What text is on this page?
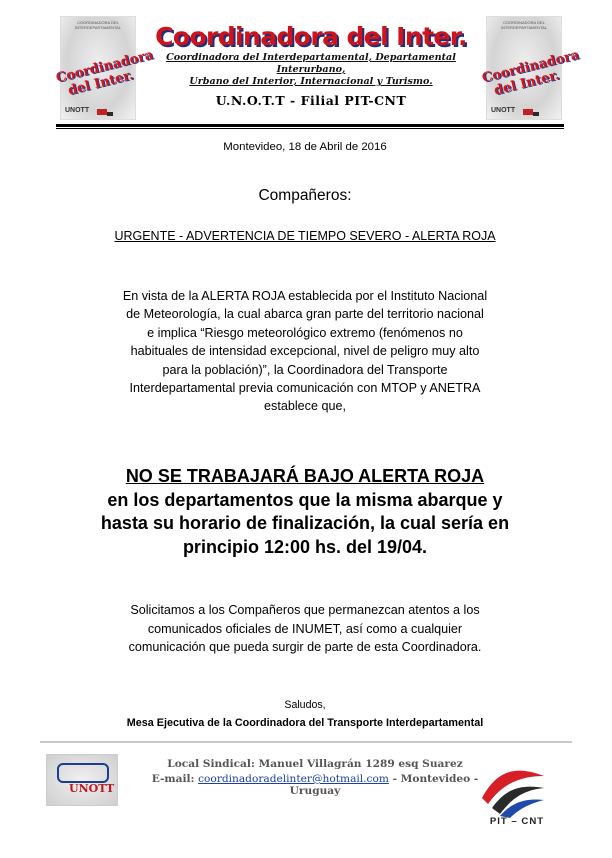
COORDINADORA DEL INTERDEPARTAMENTAL
Coordinadora del Inter.
UNOTT
Coordinadora del Inter.
Coordinadora del Interdepartamental, Departamental Interurbano,
Urbano del Interior, Internacional y Turismo.
U.N.O.T.T - Filial PIT-CNT
COORDINADORA DEL INTERDEPARTAMENTAL
Coordinadora del Inter.
UNOTT
Montevideo, 18 de Abril de 2016
Compañeros:
URGENTE - ADVERTENCIA DE TIEMPO SEVERO - ALERTA ROJA
En vista de la ALERTA ROJA establecida por el Instituto Nacional
de Meteorología, la cual abarca gran parte del territorio nacional
e implica “Riesgo meteorológico extremo (fenómenos no
habituales de intensidad excepcional, nivel de peligro muy alto
para la población)”, la Coordinadora del Transporte
Interdepartamental previa comunicación con MTOP y ANETRA
establece que,
NO SE TRABAJARÁ BAJO ALERTA ROJA
en los departamentos que la misma abarque y
hasta su horario de finalización, la cual sería en
principio 12:00 hs. del 19/04.
Solicitamos a los Compañeros que permanezcan atentos a los
comunicados oficiales de INUMET, así como a cualquier
comunicación que pueda surgir de parte de esta Coordinadora.
Saludos,
Mesa Ejecutiva de la Coordinadora del Transporte Interdepartamental
UNOTT
Local Sindical: Manuel Villagrán 1289 esq Suarez
E-mail: coordinadoradelinter@hotmail.com - Montevideo - Uruguay
PIT – CNT
